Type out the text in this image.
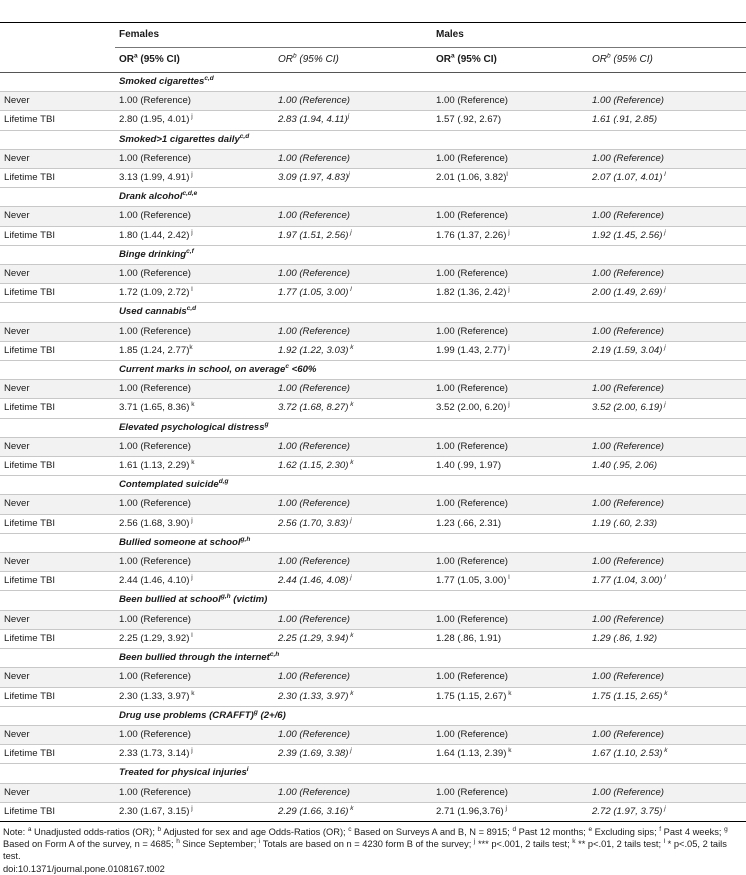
	Females		Males	
	$OR^a$ (95% CI)	$OR^b$ (95% CI)	$OR^a$ (95% CI)	$OR^b$ (95% CI)
	Smoked cigarettes$^{c,d}$
Never	1.00 (Reference)	1.00 (Reference)	1.00 (Reference)	1.00 (Reference)
Lifetime TBI	2.80 (1.95, 4.01) $^j$	2.83 (1.94, 4.11)$^j$	1.57 (.92, 2.67)	1.61 (.91, 2.85)
	Smoked>1 cigarettes daily$^{c,d}$
Never	1.00 (Reference)	1.00 (Reference)	1.00 (Reference)	1.00 (Reference)
Lifetime TBI	3.13 (1.99, 4.91) $^j$	3.09 (1.97, 4.83)$^j$	2.01 (1.06, 3.82)$^l$	2.07 (1.07, 4.01) $^l$
	Drank alcohol$^{c,d,e}$
Never	1.00 (Reference)	1.00 (Reference)	1.00 (Reference)	1.00 (Reference)
Lifetime TBI	1.80 (1.44, 2.42) $^j$	1.97 (1.51, 2.56) $^j$	1.76 (1.37, 2.26) $^j$	1.92 (1.45, 2.56) $^j$
	Binge drinking$^{c,f}$
Never	1.00 (Reference)	1.00 (Reference)	1.00 (Reference)	1.00 (Reference)
Lifetime TBI	1.72 (1.09, 2.72) $^l$	1.77 (1.05, 3.00) $^l$	1.82 (1.36, 2.42) $^j$	2.00 (1.49, 2.69) $^j$
	Used cannabis$^{c,d}$
Never	1.00 (Reference)	1.00 (Reference)	1.00 (Reference)	1.00 (Reference)
Lifetime TBI	1.85 (1.24, 2.77)$^k$	1.92 (1.22, 3.03) $^k$	1.99 (1.43, 2.77) $^j$	2.19 (1.59, 3.04) $^j$
	Current marks in school, on average$^c$ <60%			
Never	1.00 (Reference)	1.00 (Reference)	1.00 (Reference)	1.00 (Reference)
Lifetime TBI	3.71 (1.65, 8.36) $^k$	3.72 (1.68, 8.27) $^k$	3.52 (2.00, 6.20) $^j$	3.52 (2.00, 6.19) $^j$
	Elevated psychological distress$^g$
Never	1.00 (Reference)	1.00 (Reference)	1.00 (Reference)	1.00 (Reference)
Lifetime TBI	1.61 (1.13, 2.29) $^k$	1.62 (1.15, 2.30) $^k$	1.40 (.99, 1.97)	1.40 (.95, 2.06)
	Contemplated suicide$^{d,g}$
Never	1.00 (Reference)	1.00 (Reference)	1.00 (Reference)	1.00 (Reference)
Lifetime TBI	2.56 (1.68, 3.90) $^j$	2.56 (1.70, 3.83) $^j$	1.23 (.66, 2.31)	1.19 (.60, 2.33)
	Bullied someone at school$^{g,h}$
Never	1.00 (Reference)	1.00 (Reference)	1.00 (Reference)	1.00 (Reference)
Lifetime TBI	2.44 (1.46, 4.10) $^j$	2.44 (1.46, 4.08) $^j$	1.77 (1.05, 3.00) $^l$	1.77 (1.04, 3.00) $^l$
	Been bullied at school$^{g,h}$ (victim)			
Never	1.00 (Reference)	1.00 (Reference)	1.00 (Reference)	1.00 (Reference)
Lifetime TBI	2.25 (1.29, 3.92) $^l$	2.25 (1.29, 3.94) $^k$	1.28 (.86, 1.91)	1.29 (.86, 1.92)
	Been bullied through the internet$^{c,h}$
Never	1.00 (Reference)	1.00 (Reference)	1.00 (Reference)	1.00 (Reference)
Lifetime TBI	2.30 (1.33, 3.97) $^k$	2.30 (1.33, 3.97) $^k$	1.75 (1.15, 2.67) $^k$	1.75 (1.15, 2.65) $^k$
	Drug use problems (CRAFFT)$^g$ (2+/6)			
Never	1.00 (Reference)	1.00 (Reference)	1.00 (Reference)	1.00 (Reference)
Lifetime TBI	2.33 (1.73, 3.14) $^j$	2.39 (1.69, 3.38) $^j$	1.64 (1.13, 2.39) $^k$	1.67 (1.10, 2.53) $^k$
	Treated for physical injuries$^i$
Never	1.00 (Reference)	1.00 (Reference)	1.00 (Reference)	1.00 (Reference)
Lifetime TBI	2.30 (1.67, 3.15) $^j$	2.29 (1.66, 3.16) $^k$	2.71 (1.96,3.76) $^j$	2.72 (1.97, 3.75) $^j$
Note: $^a$ Unadjusted odds-ratios (OR); $^b$ Adjusted for sex and age Odds-Ratios (OR); $^c$ Based on Surveys A and B, N = 8915; $^d$ Past 12 months; $^e$ Excluding sips; $^f$ Past 4 weeks; $^g$ Based on Form A of the survey, n = 4685; $^h$ Since September; $^i$ Totals are based on n = 4230 form B of the survey; $^j$ *** p<.001, 2 tails test; $^k$ ** p<.01, 2 tails test; $^l$ * p<.05, 2 tails test.
doi:10.1371/journal.pone.0108167.t002
